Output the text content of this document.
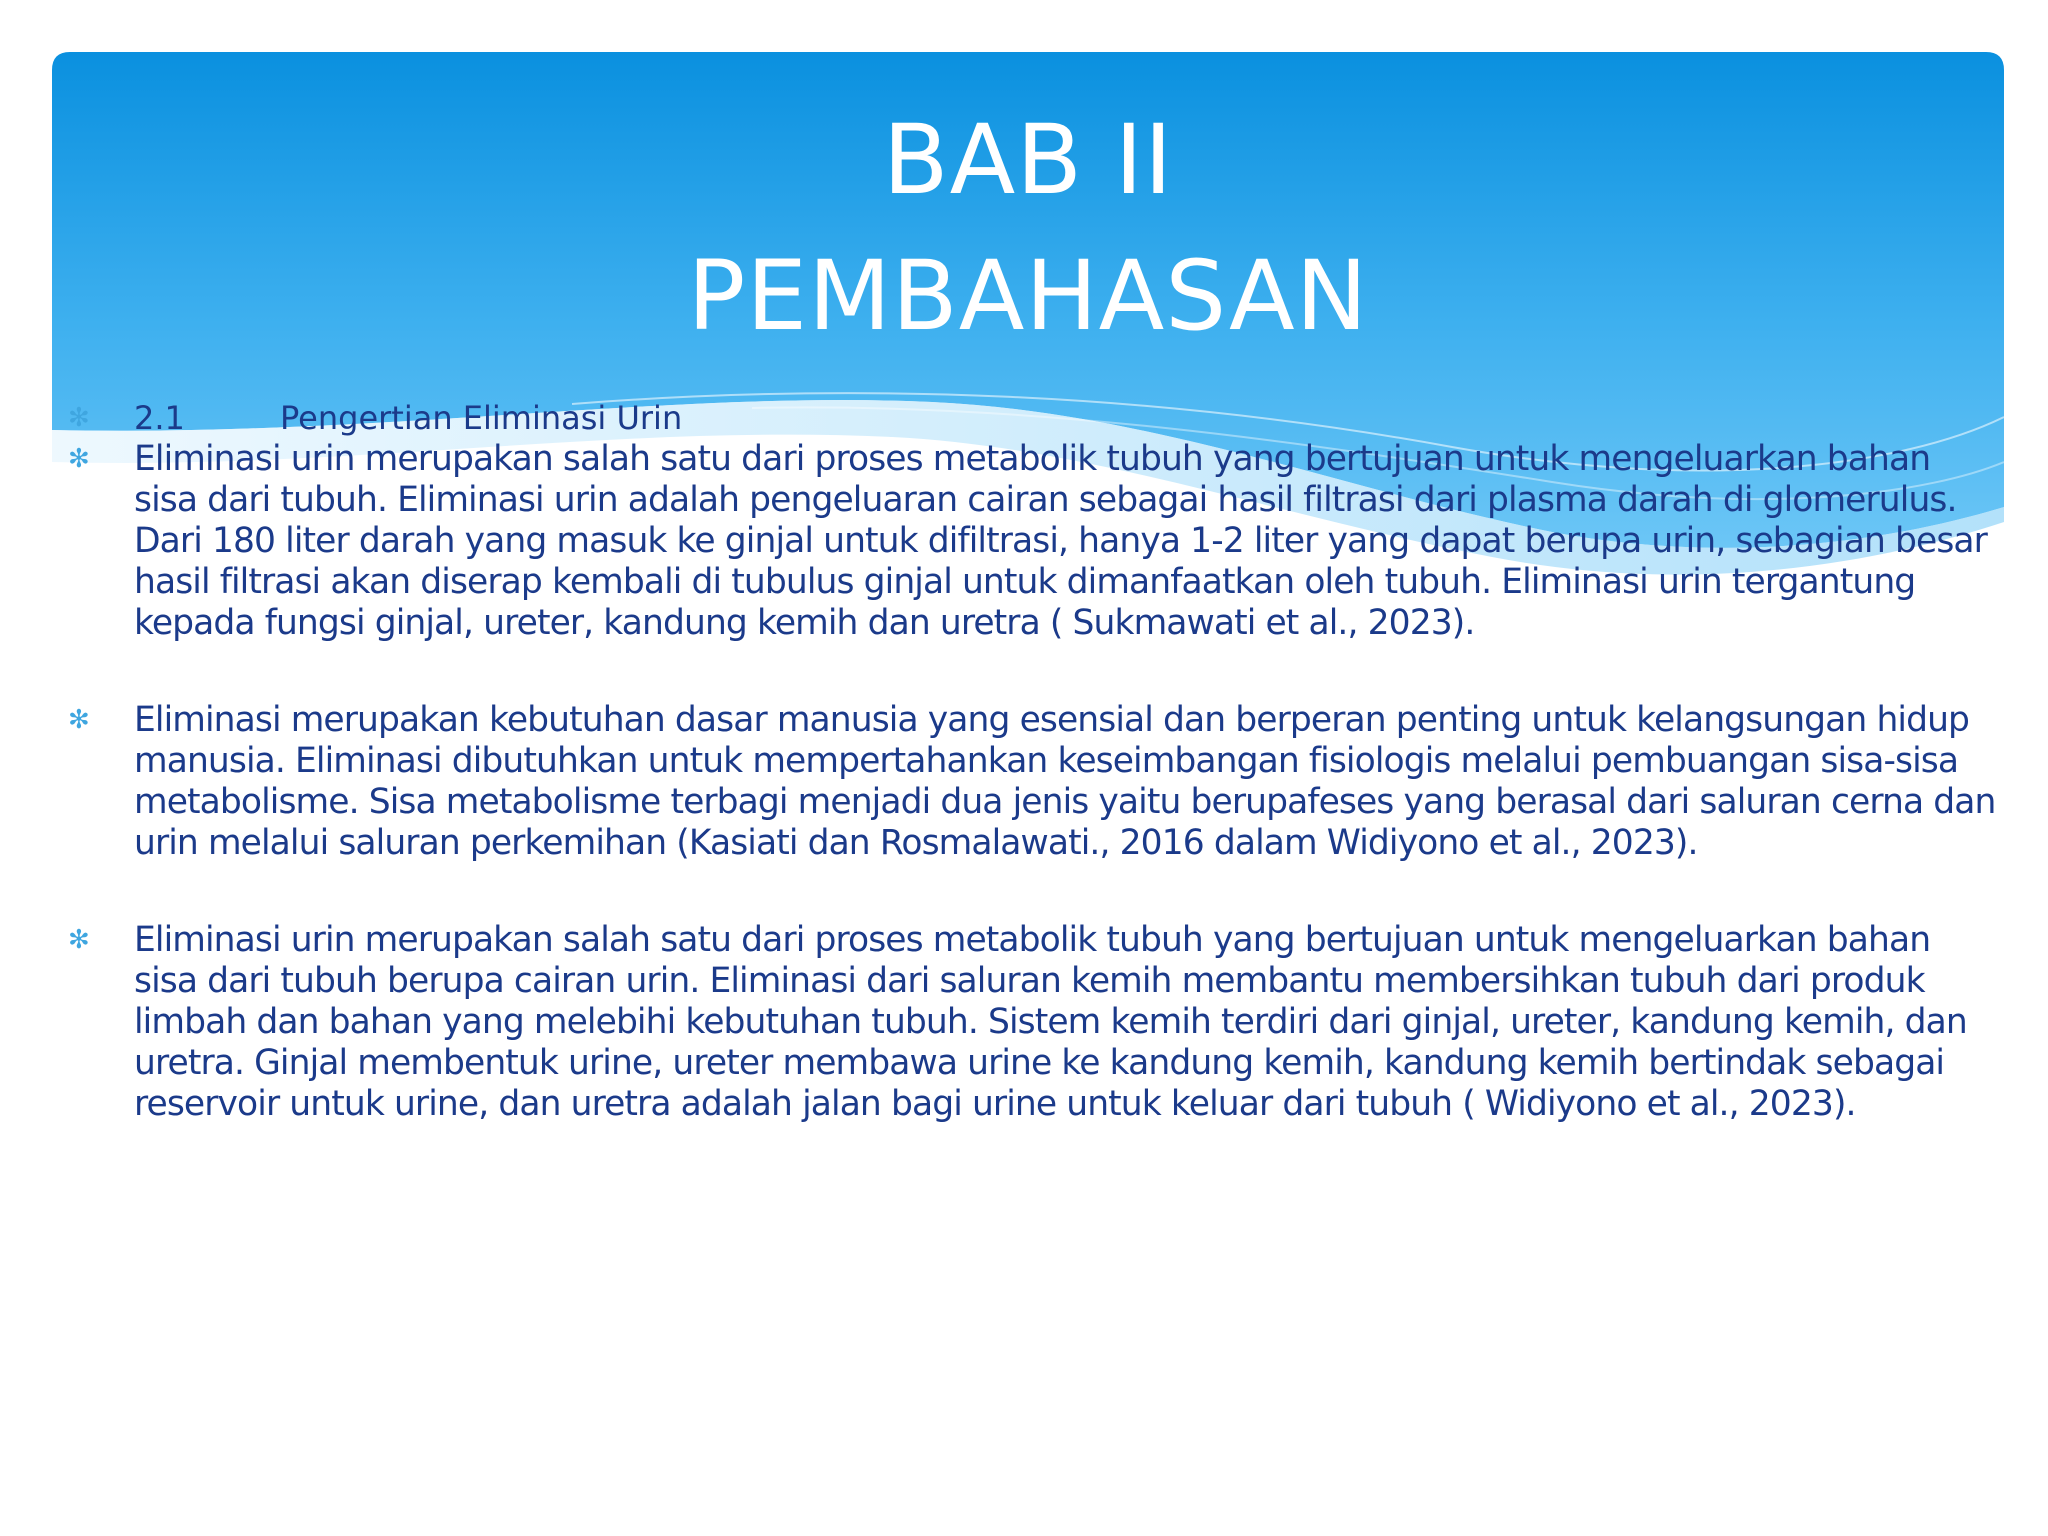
BAB II
PEMBAHASAN
✻ 2.1	Pengertian Eliminasi Urin
✻ Eliminasi urin merupakan salah satu dari proses metabolik tubuh yang bertujuan untuk mengeluarkan bahan sisa dari tubuh. Eliminasi urin adalah pengeluaran cairan sebagai hasil filtrasi dari plasma darah di glomerulus. Dari 180 liter darah yang masuk ke ginjal untuk difiltrasi, hanya 1-2 liter yang dapat berupa urin, sebagian besar hasil filtrasi akan diserap kembali di tubulus ginjal untuk dimanfaatkan oleh tubuh. Eliminasi urin tergantung kepada fungsi ginjal, ureter, kandung kemih dan uretra ( Sukmawati et al., 2023).
✻ Eliminasi merupakan kebutuhan dasar manusia yang esensial dan berperan penting untuk kelangsungan hidup manusia. Eliminasi dibutuhkan untuk mempertahankan keseimbangan fisiologis melalui pembuangan sisa-sisa metabolisme. Sisa metabolisme terbagi menjadi dua jenis yaitu berupafeses yang berasal dari saluran cerna dan urin melalui saluran perkemihan (Kasiati dan Rosmalawati., 2016 dalam Widiyono et al., 2023).
✻ Eliminasi urin merupakan salah satu dari proses metabolik tubuh yang bertujuan untuk mengeluarkan bahan sisa dari tubuh berupa cairan urin. Eliminasi dari saluran kemih membantu membersihkan tubuh dari produk limbah dan bahan yang melebihi kebutuhan tubuh. Sistem kemih terdiri dari ginjal, ureter, kandung kemih, dan uretra. Ginjal membentuk urine, ureter membawa urine ke kandung kemih, kandung kemih bertindak sebagai reservoir untuk urine, dan uretra adalah jalan bagi urine untuk keluar dari tubuh ( Widiyono et al., 2023).
